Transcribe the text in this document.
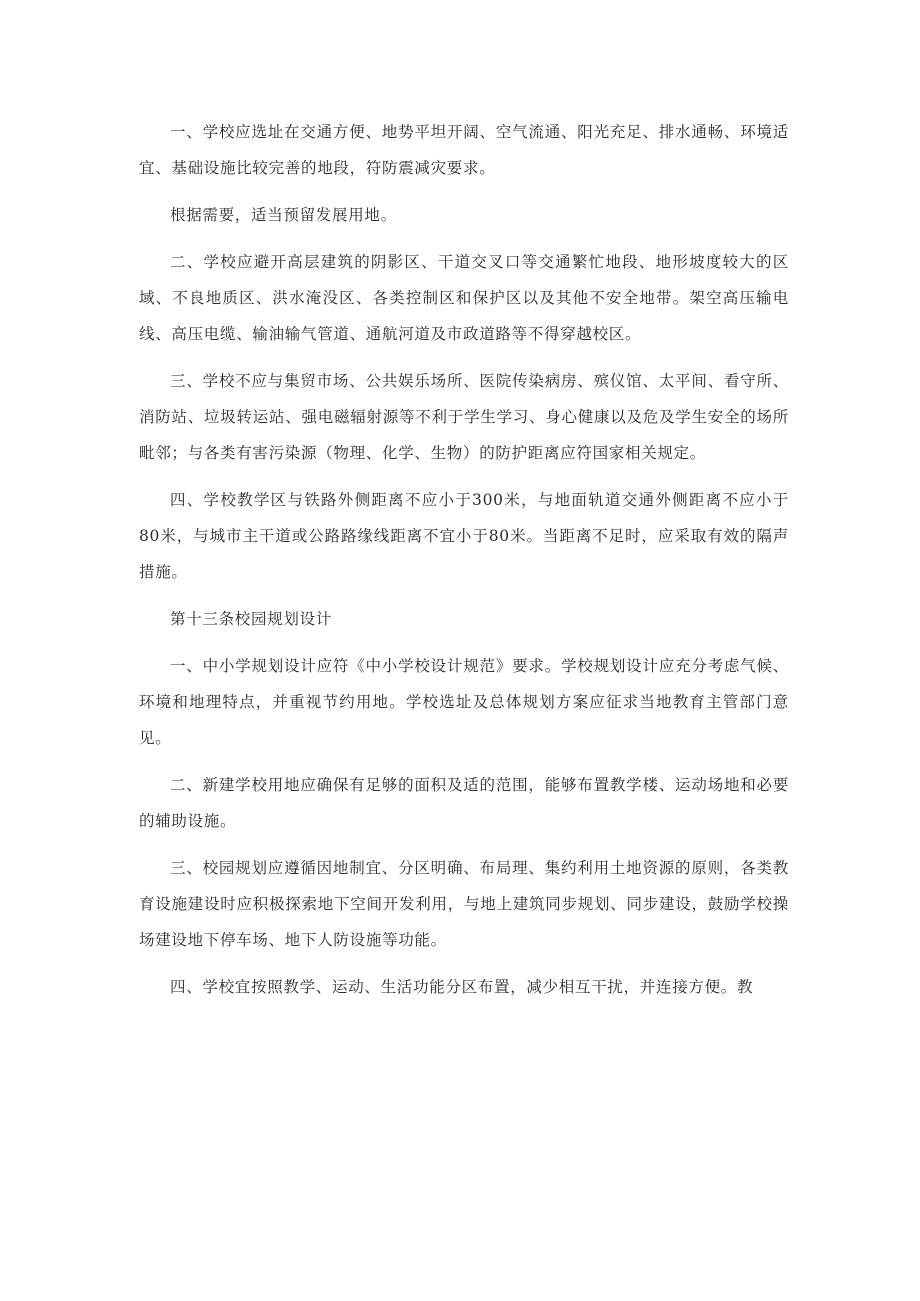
一、学校应选址在交通方便、地势平坦开阔、空气流通、阳光充足、排水通畅、环境适宜、基础设施比较完善的地段，符防震减灾要求。

根据需要，适当预留发展用地。

二、学校应避开高层建筑的阴影区、干道交叉口等交通繁忙地段、地形坡度较大的区域、不良地质区、洪水淹没区、各类控制区和保护区以及其他不安全地带。架空高压输电线、高压电缆、输油输气管道、通航河道及市政道路等不得穿越校区。

三、学校不应与集贸市场、公共娱乐场所、医院传染病房、殡仪馆、太平间、看守所、消防站、垃圾转运站、强电磁辐射源等不利于学生学习、身心健康以及危及学生安全的场所毗邻；与各类有害污染源（物理、化学、生物）的防护距离应符国家相关规定。

四、学校教学区与铁路外侧距离不应小于300米，与地面轨道交通外侧距离不应小于80米，与城市主干道或公路路缘线距离不宜小于80米。当距离不足时，应采取有效的隔声措施。

第十三条校园规划设计

一、中小学规划设计应符《中小学校设计规范》要求。学校规划设计应充分考虑气候、环境和地理特点，并重视节约用地。学校选址及总体规划方案应征求当地教育主管部门意见。

二、新建学校用地应确保有足够的面积及适的范围，能够布置教学楼、运动场地和必要的辅助设施。

三、校园规划应遵循因地制宜、分区明确、布局理、集约利用土地资源的原则，各类教育设施建设时应积极探索地下空间开发利用，与地上建筑同步规划、同步建设，鼓励学校操场建设地下停车场、地下人防设施等功能。

四、学校宜按照教学、运动、生活功能分区布置，减少相互干扰，并连接方便。教
